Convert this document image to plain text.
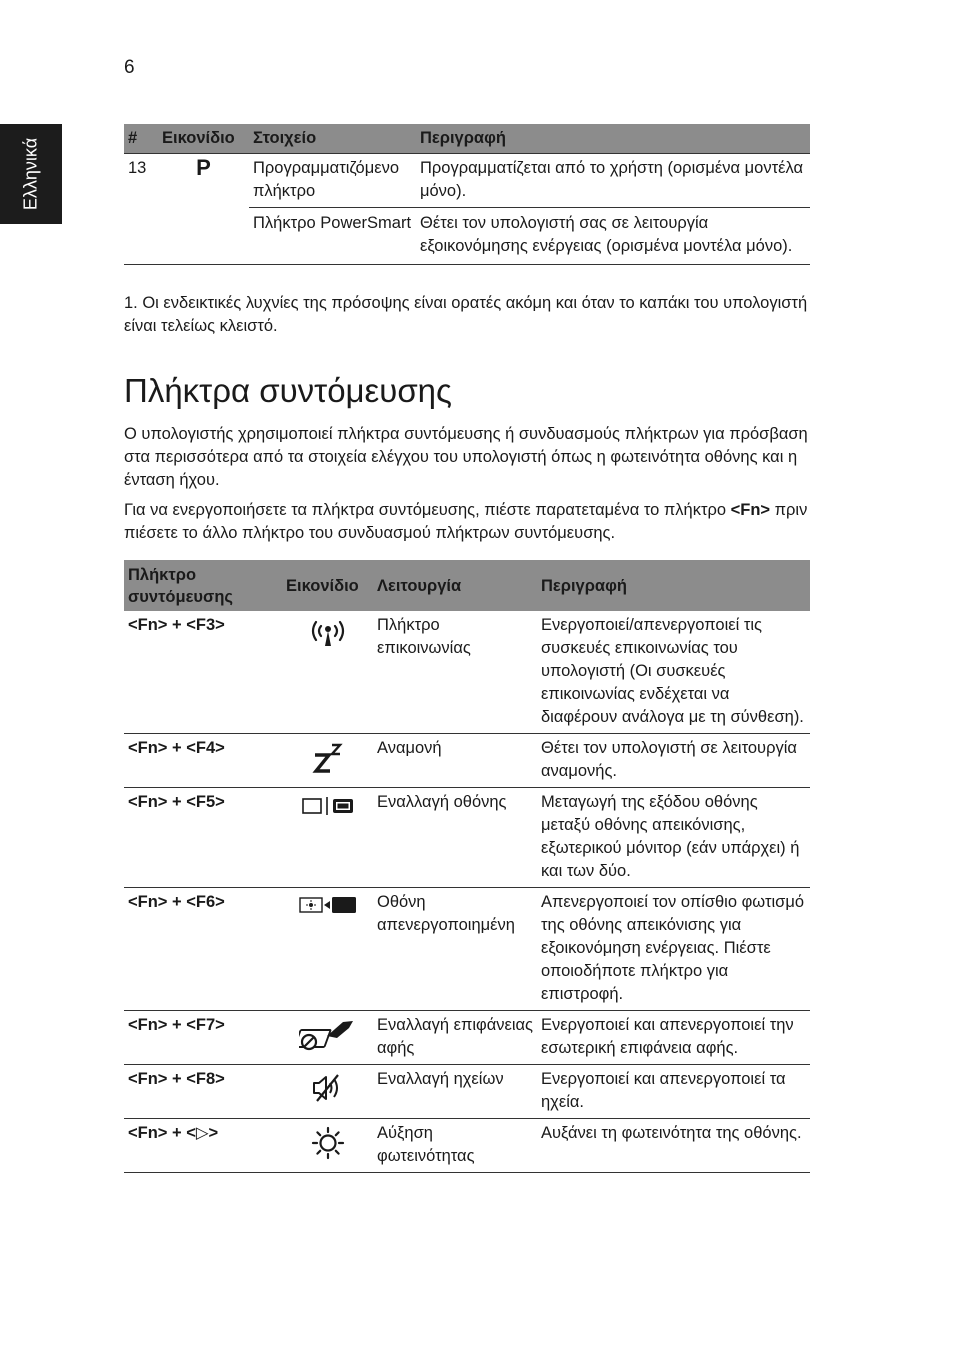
6
Ελληνικά	#	Εικονίδιο	Στοιχείο	Περιγραφή
13	P	Προγραμματιζόμενο πλήκτρο	Προγραμματίζεται από το χρήστη (ορισμένα μοντέλα μόνο).
		Πλήκτρο PowerSmart	Θέτει τον υπολογιστή σας σε λειτουργία εξοικονόμησης ενέργειας (ορισμένα μοντέλα μόνο).

1. Οι ενδεικτικές λυχνίες της πρόσοψης είναι ορατές ακόμη και όταν το καπάκι του υπολογιστή είναι τελείως κλειστό.

Πλήκτρα συντόμευσης

Ο υπολογιστής χρησιμοποιεί πλήκτρα συντόμευσης ή συνδυασμούς πλήκτρων για πρόσβαση στα περισσότερα από τα στοιχεία ελέγχου του υπολογιστή όπως η φωτεινότητα οθόνης και η ένταση ήχου.

Για να ενεργοποιήσετε τα πλήκτρα συντόμευσης, πιέστε παρατεταμένα το πλήκτρο <Fn> πριν πιέσετε το άλλο πλήκτρο του συνδυασμού πλήκτρων συντόμευσης.

Πλήκτρο συντόμευσης	Εικονίδιο	Λειτουργία	Περιγραφή
<Fn> + <F3>		Πλήκτρο επικοινωνίας	Ενεργοποιεί/απενεργοποιεί τις συσκευές επικοινωνίας του υπολογιστή (Οι συσκευές επικοινωνίας ενδέχεται να διαφέρουν ανάλογα με τη σύνθεση).
<Fn> + <F4>		Αναμονή	Θέτει τον υπολογιστή σε λειτουργία αναμονής.
<Fn> + <F5>		Εναλλαγή οθόνης	Μεταγωγή της εξόδου οθόνης μεταξύ οθόνης απεικόνισης, εξωτερικού μόνιτορ (εάν υπάρχει) ή και των δύο.
<Fn> + <F6>		Οθόνη απενεργοποιημένη	Απενεργοποιεί τον οπίσθιο φωτισμό της οθόνης απεικόνισης για εξοικονόμηση ενέργειας. Πιέστε οποιοδήποτε πλήκτρο για επιστροφή.
<Fn> + <F7>		Εναλλαγή επιφάνειας αφής	Ενεργοποιεί και απενεργοποιεί την εσωτερική επιφάνεια αφής.
<Fn> + <F8>		Εναλλαγή ηχείων	Ενεργοποιεί και απενεργοποιεί τα ηχεία.
<Fn> + <▷>		Αύξηση φωτεινότητας	Αυξάνει τη φωτεινότητα της οθόνης.
